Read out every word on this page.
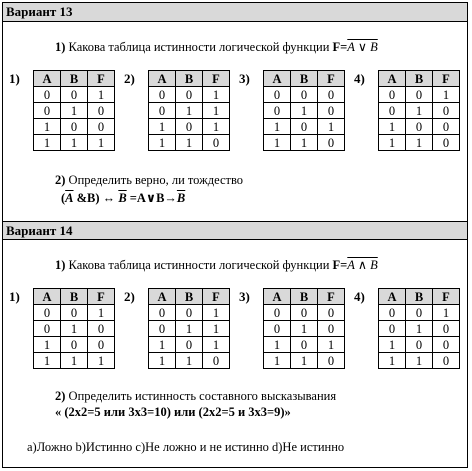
Вариант 13
1) Какова таблица истинности логической функции F=A ∨ B
1) A	B	F
0	0	1
0	1	0
1	0	0
1	1	1
2) A	B	F
0	0	1
0	1	1
1	0	1
1	1	0
3) A	B	F
0	0	0
0	1	0
1	0	1
1	1	0
4) A	B	F
0	0	1
0	1	0
1	0	0
1	1	0
2) Определить верно, ли тождество
($\overline{A}$ &B) ↔ $\overline{B}$ $=A\vee B\to\overline{B}$
Вариант 14
1) Какова таблица истинности логической функции F=A ∧ B
1) A	B	F
0	0	1
0	1	0
1	0	0
1	1	1
2) A	B	F
0	0	1
0	1	1
1	0	1
1	1	0
3) A	B	F
0	0	0
0	1	0
1	0	1
1	1	0
4) A	B	F
0	0	1
0	1	0
1	0	0
1	1	0
2) Определить истинность составного высказывания
« (2x2=5 или 3x3=10) или (2x2=5 и 3x3=9)»
a)Ложно b)Истинно c)Не ложно и не истинно d)Не истинно
